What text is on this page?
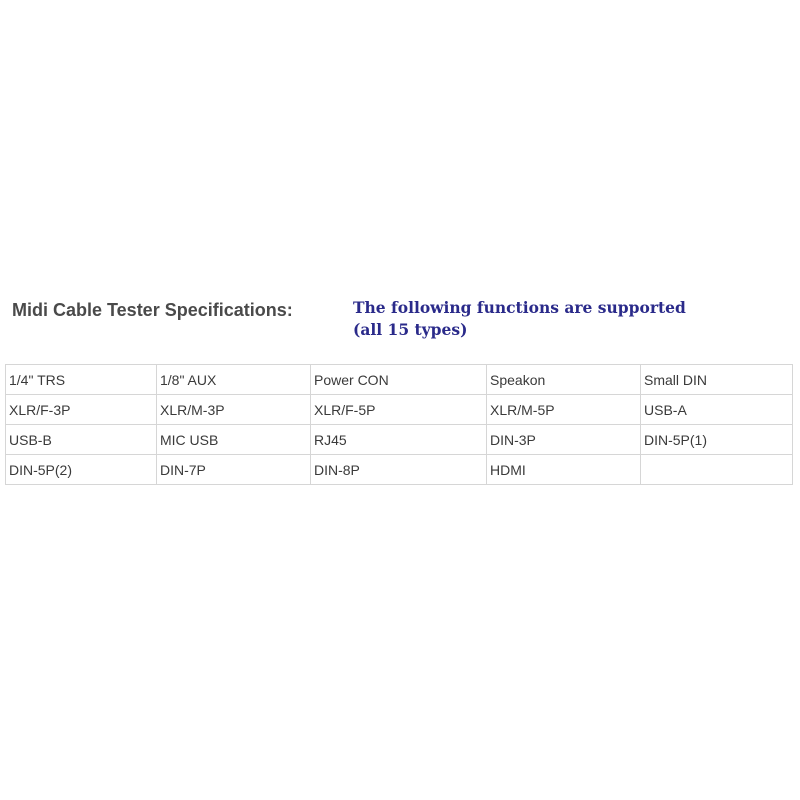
Midi Cable Tester Specifications:	The following functions are supported
(all 15 types)
1/4" TRS	1/8" AUX	Power CON	Speakon	Small DIN
XLR/F-3P	XLR/M-3P	XLR/F-5P	XLR/M-5P	USB-A
USB-B	MIC USB	RJ45	DIN-3P	DIN-5P(1)
DIN-5P(2)	DIN-7P	DIN-8P	HDMI	
